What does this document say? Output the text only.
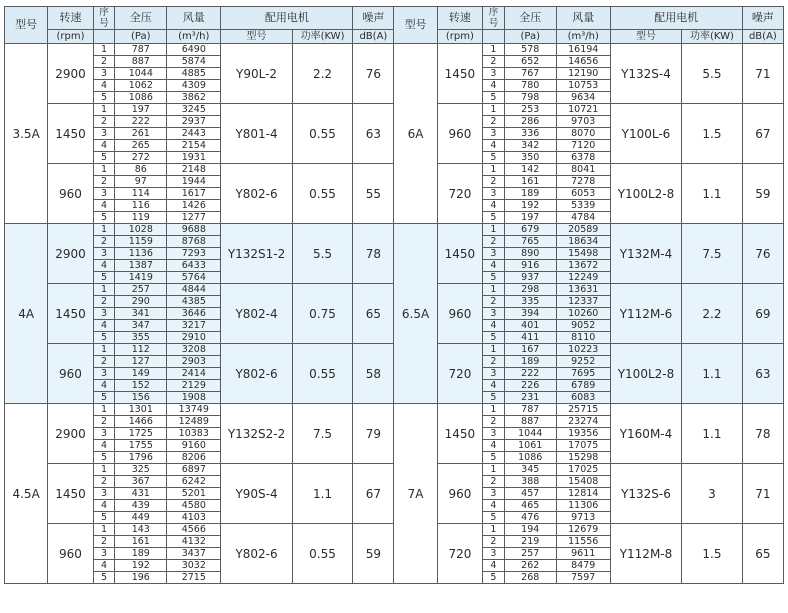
型号	转速	序号	全压	风量	配用电机		噪声	型号	转速	序号	全压	风量	配用电机		噪声
	(rpm)		(Pa)	(m³/h)	型号	功率(KW)	dB(A)		(rpm)		(Pa)	(m³/h)	型号	功率(KW)	dB(A)
3.5A	2900	1	787	6490	Y90L-2	2.2	76	6A	1450	1	578	16194	Y132S-4	5.5	71
		2	887	5874						2	652	14656			
		3	1044	4885						3	767	12190			
		4	1062	4309						4	780	10753			
		5	1086	3862						5	798	9634			
	1450	1	197	3245	Y801-4	0.55	63		960	1	253	10721	Y100L-6	1.5	67
		2	222	2937						2	286	9703			
		3	261	2443						3	336	8070			
		4	265	2154						4	342	7120			
		5	272	1931						5	350	6378			
	960	1	86	2148	Y802-6	0.55	55		720	1	142	8041	Y100L2-8	1.1	59
		2	97	1944						2	161	7278			
		3	114	1617						3	189	6053			
		4	116	1426						4	192	5339			
		5	119	1277						5	197	4784			
4A	2900	1	1028	9688	Y132S1-2	5.5	78	6.5A	1450	1	679	20589	Y132M-4	7.5	76
		2	1159	8768						2	765	18634			
		3	1136	7293						3	890	15498			
		4	1387	6433						4	916	13672			
		5	1419	5764						5	937	12249			
	1450	1	257	4844	Y802-4	0.75	65		960	1	298	13631	Y112M-6	2.2	69
		2	290	4385						2	335	12337			
		3	341	3646						3	394	10260			
		4	347	3217						4	401	9052			
		5	355	2910						5	411	8110			
	960	1	112	3208	Y802-6	0.55	58		720	1	167	10223	Y100L2-8	1.1	63
		2	127	2903						2	189	9252			
		3	149	2414						3	222	7695			
		4	152	2129						4	226	6789			
		5	156	1908						5	231	6083			
4.5A	2900	1	1301	13749	Y132S2-2	7.5	79	7A	1450	1	787	25715	Y160M-4	1.1	78
		2	1466	12489						2	887	23274			
		3	1725	10383						3	1044	19356			
		4	1755	9160						4	1061	17075			
		5	1796	8206						5	1086	15298			
	1450	1	325	6897	Y90S-4	1.1	67		960	1	345	17025	Y132S-6	3	71
		2	367	6242						2	388	15408			
		3	431	5201						3	457	12814			
		4	439	4580						4	465	11306			
		5	449	4103						5	476	9713			
	960	1	143	4566	Y802-6	0.55	59		720	1	194	12679	Y112M-8	1.5	65
		2	161	4132						2	219	11556			
		3	189	3437						3	257	9611			
		4	192	3032						4	262	8479			
		5	196	2715						5	268	7597			
